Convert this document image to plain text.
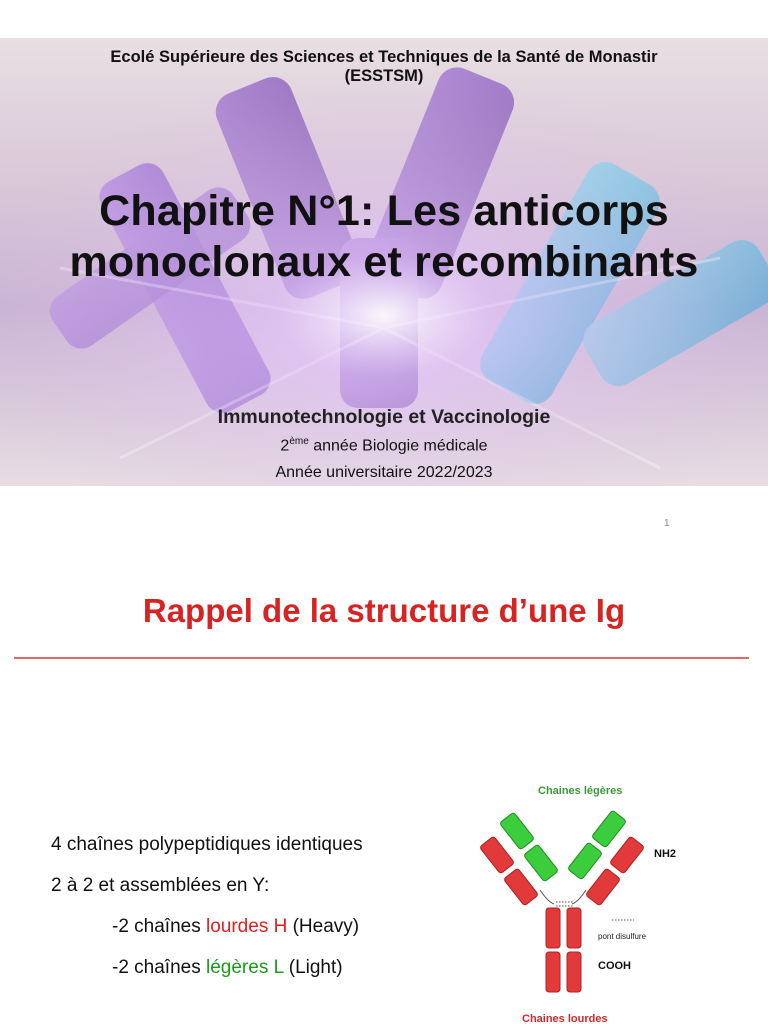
Ecolé Supérieure des Sciences et Techniques de la Santé de Monastir
(ESSTSM)
Chapitre N°1: Les anticorps
monoclonaux et recombinants
Immunotechnologie et Vaccinologie
2ème année Biologie médicale
Année universitaire 2022/2023
1
Rappel de la structure d’une Ig
4 chaînes polypeptidiques identiques
2 à 2 et assemblées en Y:
-2 chaînes lourdes H (Heavy)
-2 chaînes légères L (Light)
Chaines légères
NH2
pont disulfure
COOH
Chaines lourdes
